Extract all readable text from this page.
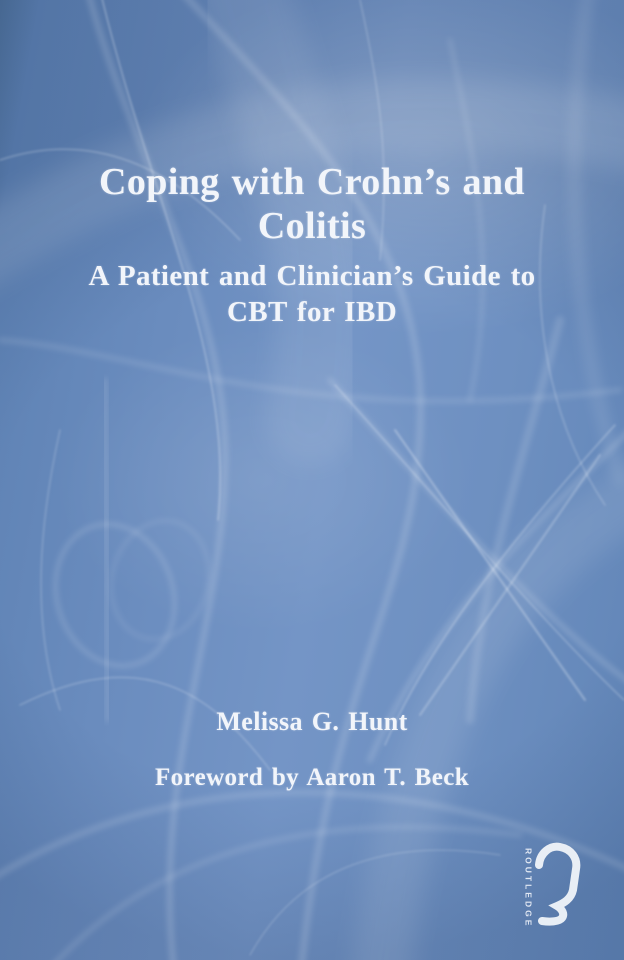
Coping with Crohn’s and
Colitis
A Patient and Clinician’s Guide to
CBT for IBD
Melissa G. Hunt
Foreword by Aaron T. Beck
ROUTLEDGE
